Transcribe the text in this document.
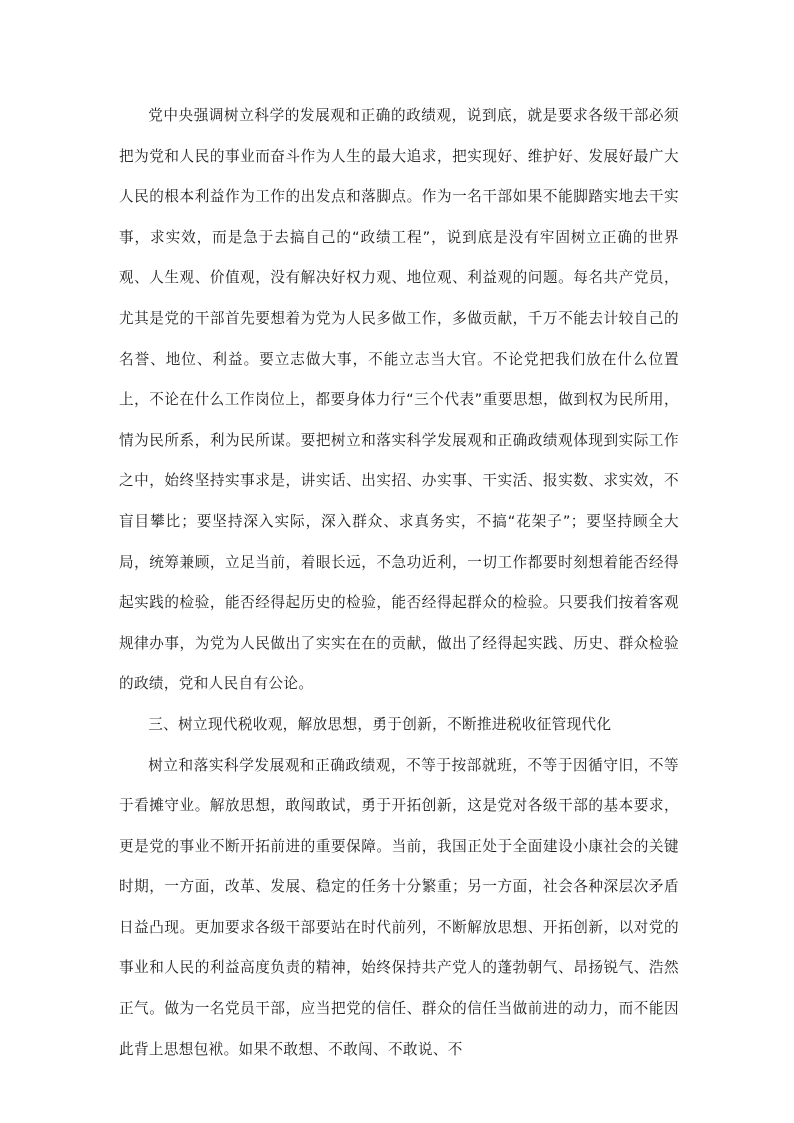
党中央强调树立科学的发展观和正确的政绩观，说到底，就是要求各级干部必须把为党和人民的事业而奋斗作为人生的最大追求，把实现好、维护好、发展好最广大人民的根本利益作为工作的出发点和落脚点。作为一名干部如果不能脚踏实地去干实事，求实效，而是急于去搞自己的“政绩工程”，说到底是没有牢固树立正确的世界观、人生观、价值观，没有解决好权力观、地位观、利益观的问题。每名共产党员，尤其是党的干部首先要想着为党为人民多做工作，多做贡献，千万不能去计较自己的名誉、地位、利益。要立志做大事，不能立志当大官。不论党把我们放在什么位置上，不论在什么工作岗位上，都要身体力行“三个代表”重要思想，做到权为民所用，情为民所系，利为民所谋。要把树立和落实科学发展观和正确政绩观体现到实际工作之中，始终坚持实事求是，讲实话、出实招、办实事、干实活、报实数、求实效，不盲目攀比；要坚持深入实际，深入群众、求真务实，不搞“花架子”；要坚持顾全大局，统筹兼顾，立足当前，着眼长远，不急功近利，一切工作都要时刻想着能否经得起实践的检验，能否经得起历史的检验，能否经得起群众的检验。只要我们按着客观规律办事，为党为人民做出了实实在在的贡献，做出了经得起实践、历史、群众检验的政绩，党和人民自有公论。

三、树立现代税收观，解放思想，勇于创新，不断推进税收征管现代化

树立和落实科学发展观和正确政绩观，不等于按部就班，不等于因循守旧，不等于看摊守业。解放思想，敢闯敢试，勇于开拓创新，这是党对各级干部的基本要求，更是党的事业不断开拓前进的重要保障。当前，我国正处于全面建设小康社会的关键时期，一方面，改革、发展、稳定的任务十分繁重；另一方面，社会各种深层次矛盾日益凸现。更加要求各级干部要站在时代前列，不断解放思想、开拓创新，以对党的事业和人民的利益高度负责的精神，始终保持共产党人的蓬勃朝气、昂扬锐气、浩然正气。做为一名党员干部，应当把党的信任、群众的信任当做前进的动力，而不能因此背上思想包袱。如果不敢想、不敢闯、不敢说、不
